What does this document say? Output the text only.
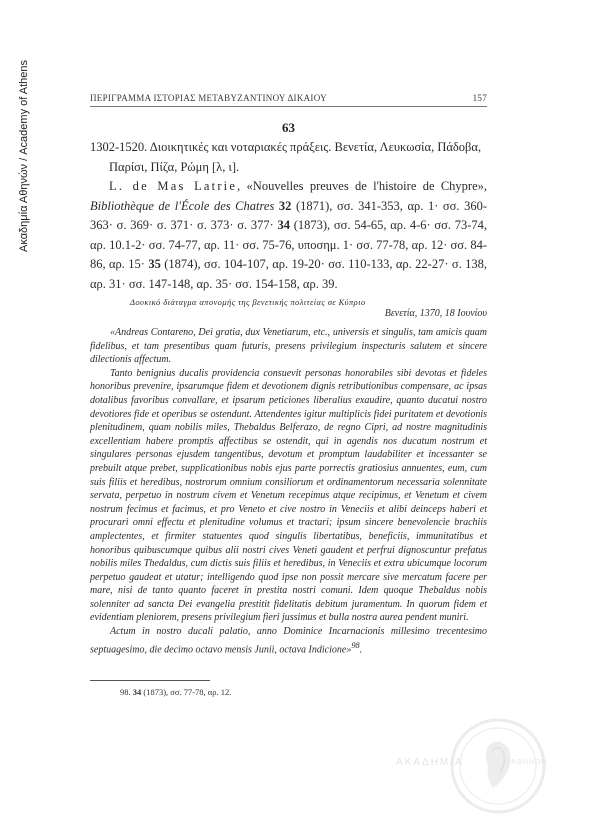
Ακαδημία Αθηνών / Academy of Athens	ΠΕΡΙΓΡΑΜΜΑ ΙΣΤΟΡΙΑΣ ΜΕΤΑΒΥΖΑΝΤΙΝΟΥ ΔΙΚΑΙΟΥ	157
63
1302-1520. Διοικητικές και νοταριακές πράξεις. Βενετία, Λευκωσία, Πάδοβα,
Παρίσι, Πίζα, Ρώμη [λ, ι].
L. de Mas Latrie, «Nouvelles preuves de l'histoire de Chypre», Bibliothèque de l'École des Chatres 32 (1871), σσ. 341-353, αρ. 1· σσ. 360-363· σ. 369· σ. 371· σ. 373· σ. 377· 34 (1873), σσ. 54-65, αρ. 4-6· σσ. 73-74, αρ. 10.1-2· σσ. 74-77, αρ. 11· σσ. 75-76, υποσημ. 1· σσ. 77-78, αρ. 12· σσ. 84-86, αρ. 15· 35 (1874), σσ. 104-107, αρ. 19-20· σσ. 110-133, αρ. 22-27· σ. 138, αρ. 31· σσ. 147-148, αρ. 35· σσ. 154-158, αρ. 39.
Δουκικό διάταγμα απονομής της βενετικής πολιτείας σε Κύπριο
Βενετία, 1370, 18 Ιουνίου

«Andreas Contareno, Dei gratia, dux Venetiarum, etc., universis et singulis, tam amicis quam fidelibus, et tam presentibus quam futuris, presens privilegium inspecturis salutem et sincere dilectionis affectum.

Tanto benignius ducalis providencia consuevit personas honorabiles sibi devotas et fideles honoribus prevenire, ipsarumque fidem et devotionem dignis retributionibus compensare, ac ipsas dotalibus favoribus convallare, et ipsarum peticiones liberalius exaudire, quanto ducatui nostro devotiores fide et operibus se ostendunt. Attendentes igitur multiplicis fidei puritatem et devotionis plenitudinem, quam nobilis miles, Thebaldus Belferazo, de regno Cipri, ad nostre magnitudinis excellentiam habere promptis affectibus se ostendit, qui in agendis nos ducatum nostrum et singulares personas ejusdem tangentibus, devotum et promptum laudabiliter et incessanter se prebuilt atque prebet, supplicationibus nobis ejus parte porrectis gratiosius annuentes, eum, cum suis filiis et heredibus, nostrorum omnium consiliorum et ordinamentorum necessaria solennitate servata, perpetuo in nostrum civem et Venetum recepimus atque recipimus, et Venetum et civem nostrum fecimus et facimus, et pro Veneto et cive nostro in Veneciis et alibi deinceps haberi et procurari omni effectu et plenitudine volumus et tractari; ipsum sincere benevolencie brachiis amplectentes, et firmiter statuentes quod singulis libertatibus, beneficiis, immunitatibus et honoribus quibuscumque quibus alii nostri cives Veneti gaudent et perfrui dignoscuntur prefatus nobilis miles Thedaldus, cum dictis suis filiis et heredibus, in Veneciis et extra ubicumque locorum perpetuo gaudeat et utatur; intelligendo quod ipse non possit mercare sive mercatum facere per mare, nisi de tanto quanto faceret in prestita nostri comuni. Idem quoque Thebaldus nobis solenniter ad sancta Dei evangelia prestitit fidelitatis debitum juramentum. In quorum fidem et evidentiam pleniorem, presens privilegium fieri jussimus et bulla nostra aurea pendent muniri.

Actum in nostro ducali palatio, anno Dominice Incarnacionis millesimo trecentesimo septuagesimo, die decimo octavo mensis Junii, octava Indicione»$^{98}$.

98. 34 (1873), σσ. 77-78, αρ. 12.
ΑΚΑΔΗΜΙΑ	ΑΘΗΝΩΝ
